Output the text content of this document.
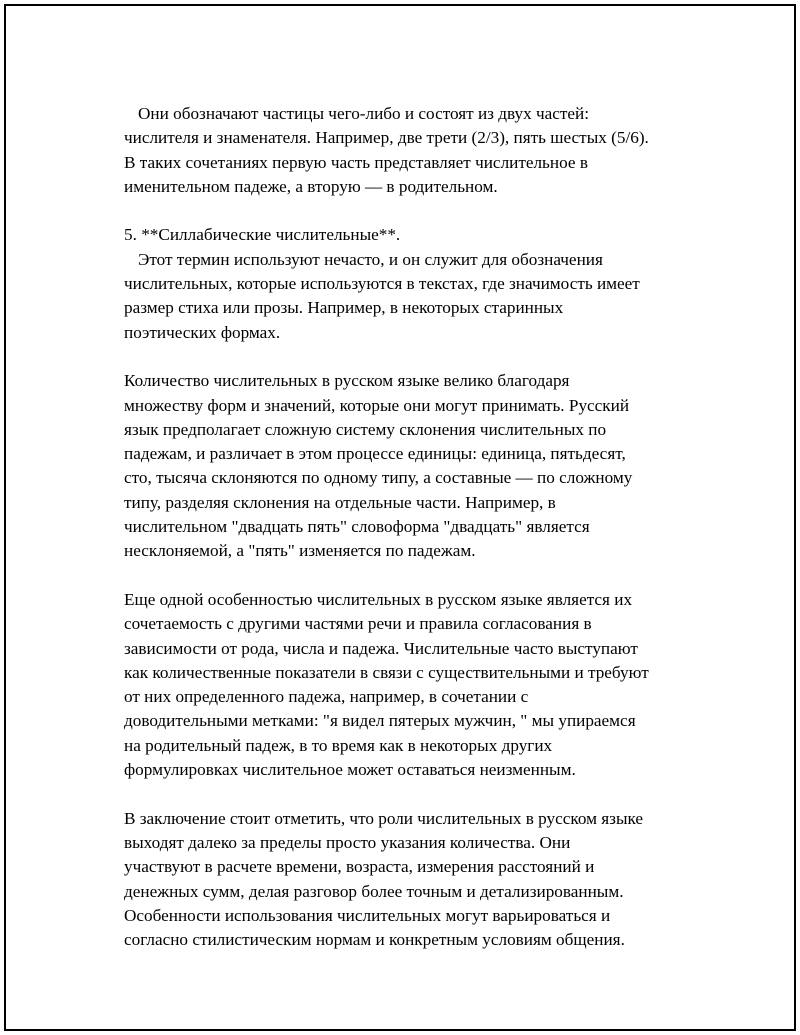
Они обозначают частицы чего-либо и состоят из двух частей:
числителя и знаменателя. Например, две трети (2/3), пять шестых (5/6).
В таких сочетаниях первую часть представляет числительное в
именительном падеже, а вторую — в родительном.

5. **Силлабические числительные**.
Этот термин используют нечасто, и он служит для обозначения
числительных, которые используются в текстах, где значимость имеет
размер стиха или прозы. Например, в некоторых старинных
поэтических формах.

Количество числительных в русском языке велико благодаря
множеству форм и значений, которые они могут принимать. Русский
язык предполагает сложную систему склонения числительных по
падежам, и различает в этом процессе единицы: единица, пятьдесят,
сто, тысяча склоняются по одному типу, а составные — по сложному
типу, разделяя склонения на отдельные части. Например, в
числительном "двадцать пять" словоформа "двадцать" является
несклоняемой, а "пять" изменяется по падежам.

Еще одной особенностью числительных в русском языке является их
сочетаемость с другими частями речи и правила согласования в
зависимости от рода, числа и падежа. Числительные часто выступают
как количественные показатели в связи с существительными и требуют
от них определенного падежа, например, в сочетании с
доводительными метками: "я видел пятерых мужчин, " мы упираемся
на родительный падеж, в то время как в некоторых других
формулировках числительное может оставаться неизменным.

В заключение стоит отметить, что роли числительных в русском языке
выходят далеко за пределы просто указания количества. Они
участвуют в расчете времени, возраста, измерения расстояний и
денежных сумм, делая разговор более точным и детализированным.
Особенности использования числительных могут варьироваться и
согласно стилистическим нормам и конкретным условиям общения.
